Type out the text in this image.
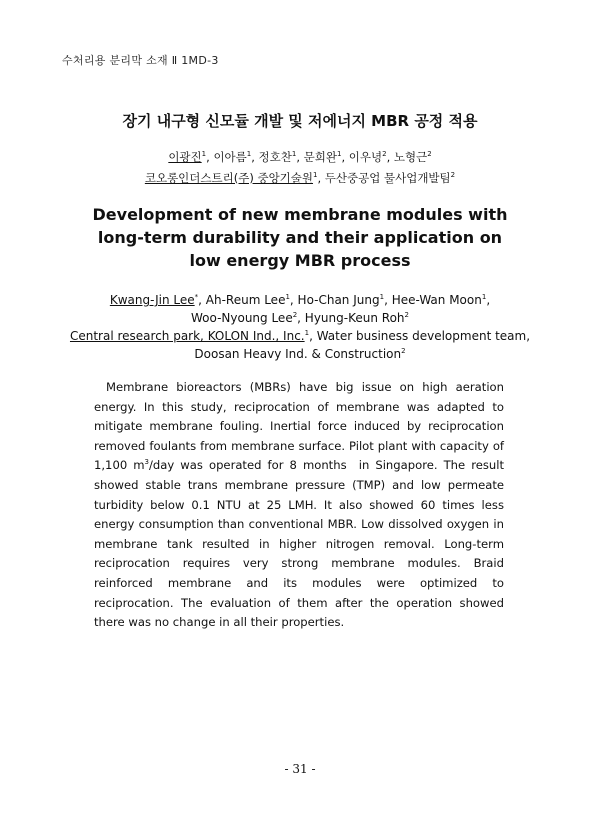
수처리용 분리막 소재 Ⅱ 1MD-3
장기 내구형 신모듈 개발 및 저에너지 MBR 공정 적용
이광진$^1$, 이아름$^1$, 정호찬$^1$, 문희완$^1$, 이우녕$^2$, 노형근$^2$
코오롱인더스트리(주) 중앙기술원$^1$, 두산중공업 물사업개발팀$^2$
Development of new membrane modules with
long-term durability and their application on
low energy MBR process
Kwang-Jin Lee*, Ah-Reum Lee$^1$, Ho-Chan Jung$^1$, Hee-Wan Moon$^1$,
Woo-Nyoung Lee$^2$, Hyung-Keun Roh$^2$
Central research park, KOLON Ind., Inc.$^1$, Water business development team,
Doosan Heavy Ind. & Construction$^2$

Membrane bioreactors (MBRs) have big issue on high aeration energy. In this study, reciprocation of membrane was adapted to mitigate membrane fouling. Inertial force induced by reciprocation removed foulants from membrane surface. Pilot plant with capacity of 1,100 $m^3$/day was operated for 8 months  in Singapore. The result showed stable trans membrane pressure (TMP) and low permeate turbidity below 0.1 NTU at 25 LMH. It also showed 60 times less energy consumption than conventional MBR. Low dissolved oxygen in membrane tank resulted in higher nitrogen removal. Long-term reciprocation requires very strong membrane modules. Braid reinforced membrane and its modules were optimized to reciprocation. The evaluation of them after the operation showed there was no change in all their properties.

- 31 -
